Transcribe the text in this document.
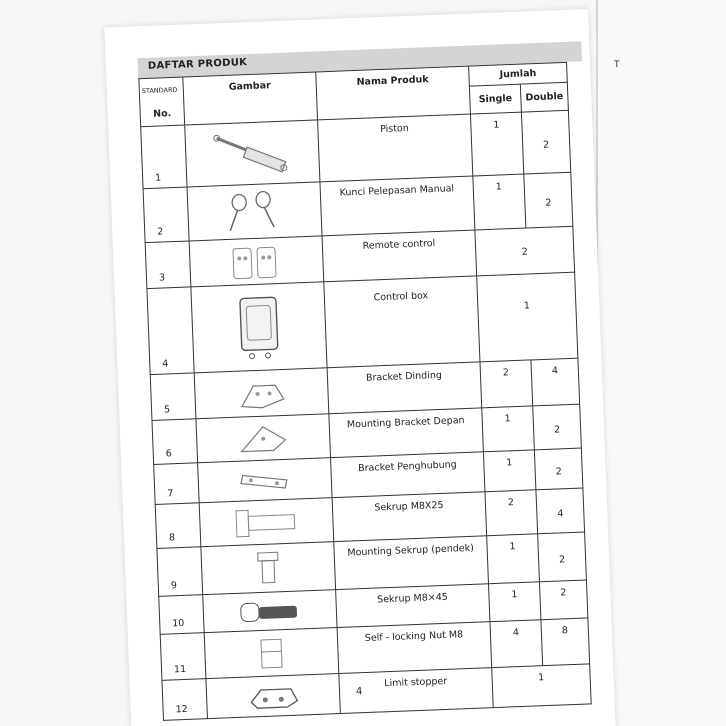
T
DAFTAR PRODUK
STANDARD
No.	Gambar	Nama Produk	Jumlah	
			Single	Double
1		Piston	1	2
2		Kunci Pelepasan Manual	1	2
3		Remote control	2	
4		Control box	1	
5		Bracket Dinding	2	4
6		Mounting Bracket Depan	1	2
7		Bracket Penghubung	1	2
8		Sekrup M8X25	2	4
9		Mounting Sekrup (pendek)	1	2
10		Sekrup M8×45	1	2
11		Self - locking Nut M8	4	8
12		Limit stopper	1	
4
